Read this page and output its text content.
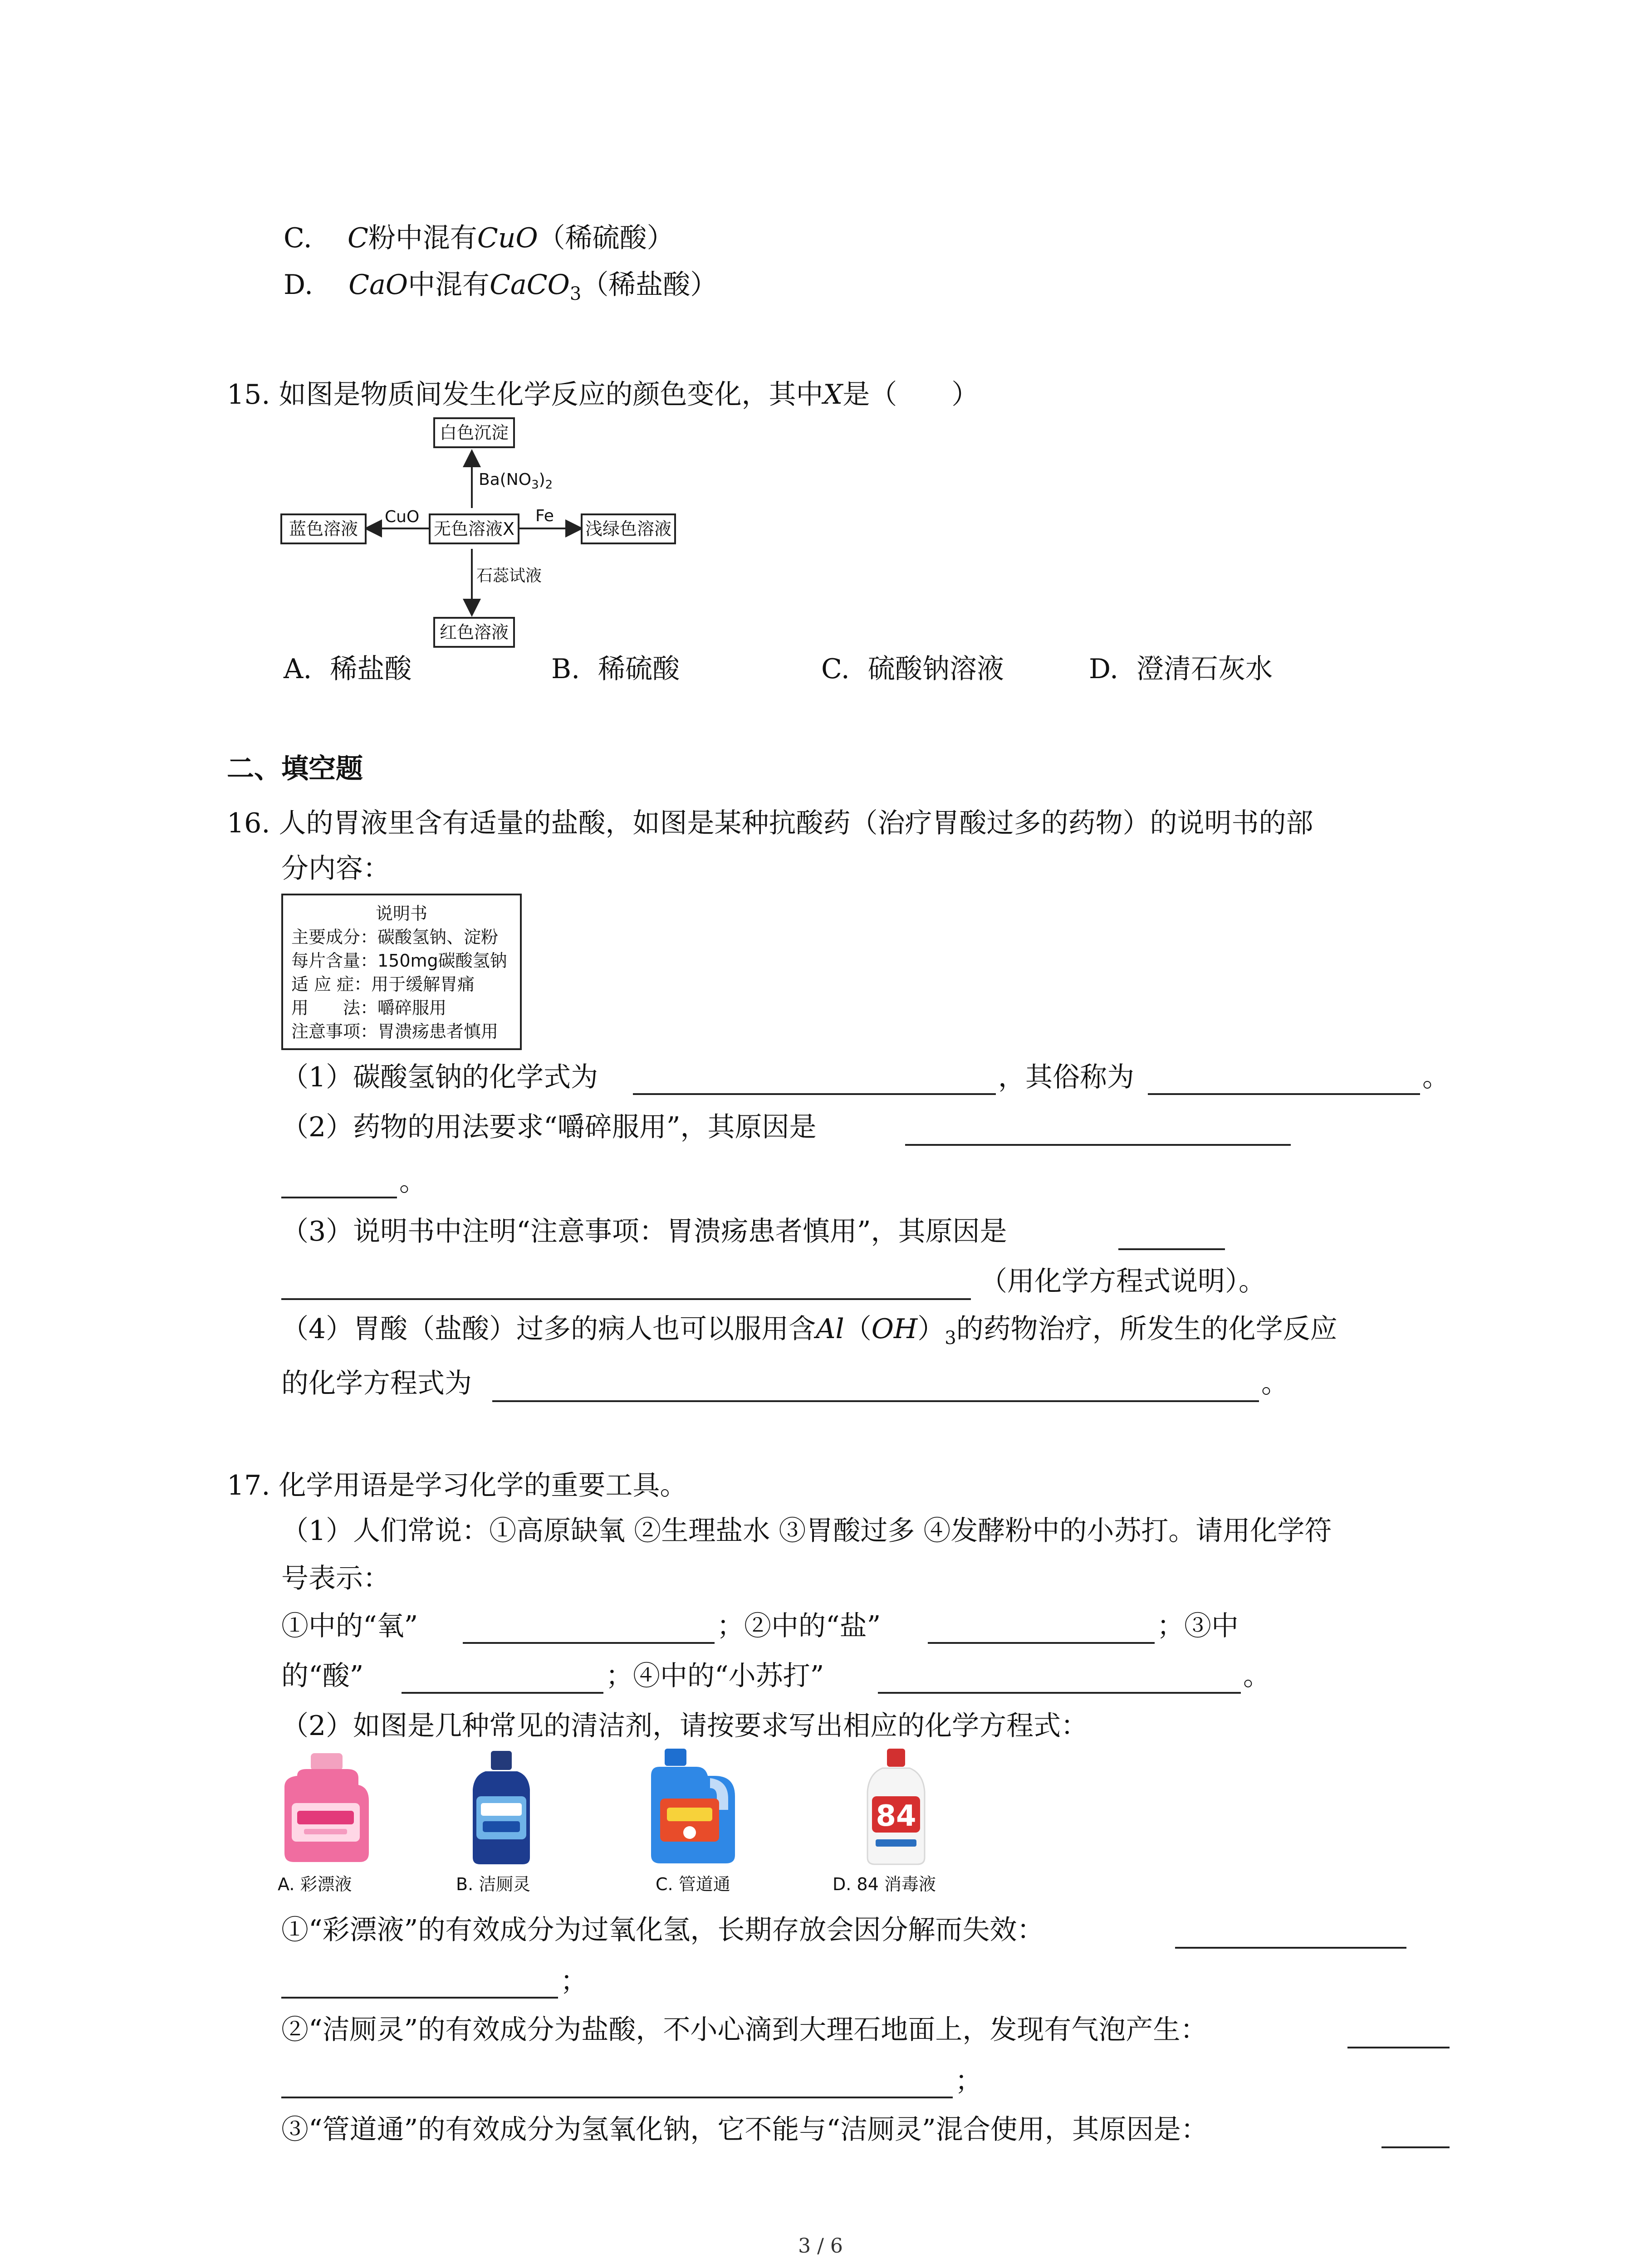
C. C粉中混有CuO（稀硫酸）
D. CaO中混有CaCO$_3$（稀盐酸）
15. 如图是物质间发生化学反应的颜色变化，其中X是（　　）
白色沉淀
$Ba(NO_3)_2$
蓝色溶液
CuO
无色溶液X
Fe
浅绿色溶液
石蕊试液
红色溶液
A. 稀盐酸	B. 稀硫酸	C. 硫酸钠溶液	D. 澄清石灰水
二、填空题
16. 人的胃液里含有适量的盐酸，如图是某种抗酸药（治疗胃酸过多的药物）的说明书的部
分内容：
说明书
主要成分：碳酸氢钠、淀粉
每片含量：150mg碳酸氢钠
适 应 症：用于缓解胃痛
用　　法：嚼碎服用
注意事项：胃溃疡患者慎用
（1）碳酸氢钠的化学式为	，其俗称为	。
（2）药物的用法要求“嚼碎服用”，其原因是
。
（3）说明书中注明“注意事项：胃溃疡患者慎用”，其原因是
（用化学方程式说明）。
（4）胃酸（盐酸）过多的病人也可以服用含$Al(OH)_3$的药物治疗，所发生的化学反应
的化学方程式为	。
17. 化学用语是学习化学的重要工具。
（1）人们常说：①高原缺氧 ②生理盐水 ③胃酸过多 ④发酵粉中的小苏打。请用化学符
号表示：
①中的“氧”	；②中的“盐”	；③中
的“酸”	；④中的“小苏打”	。
（2）如图是几种常见的清洁剂，请按要求写出相应的化学方程式：
84
A. 彩漂液	B. 洁厕灵	C. 管道通	D. 84 消毒液
①“彩漂液”的有效成分为过氧化氢，长期存放会因分解而失效：
；
②“洁厕灵”的有效成分为盐酸，不小心滴到大理石地面上，发现有气泡产生：
；
③“管道通”的有效成分为氢氧化钠，它不能与“洁厕灵”混合使用，其原因是：
3 / 6
